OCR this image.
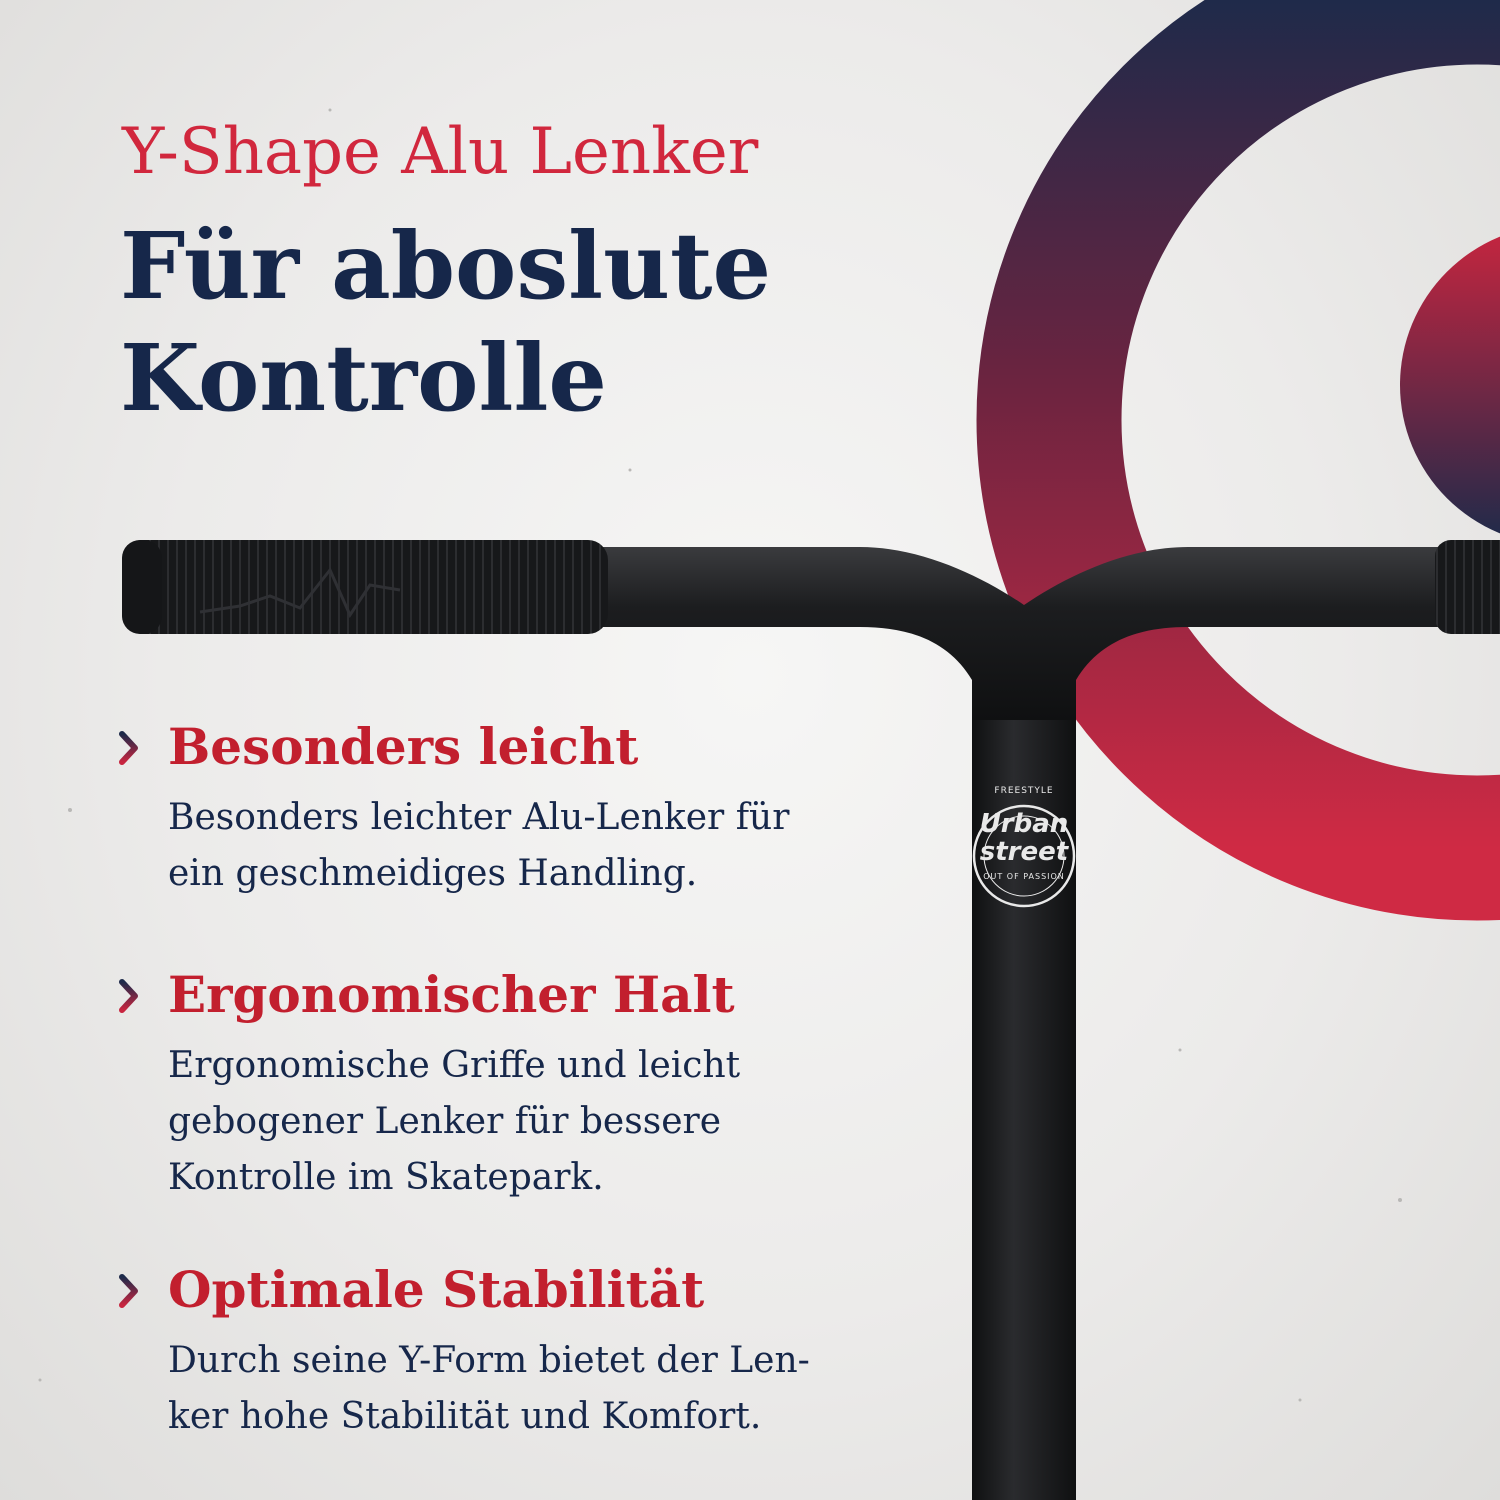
FREESTYLE
Urban
street
OUT OF PASSION
Y-Shape Alu Lenker
Für aboslute
Kontrolle
Besonders leicht

Besonders leichter Alu-Lenker für
ein geschmeidiges Handling.

Ergonomischer Halt

Ergonomische Griffe und leicht
gebogener Lenker für bessere
Kontrolle im Skatepark.

Optimale Stabilität

Durch seine Y-Form bietet der Len-
ker hohe Stabilität und Komfort.
